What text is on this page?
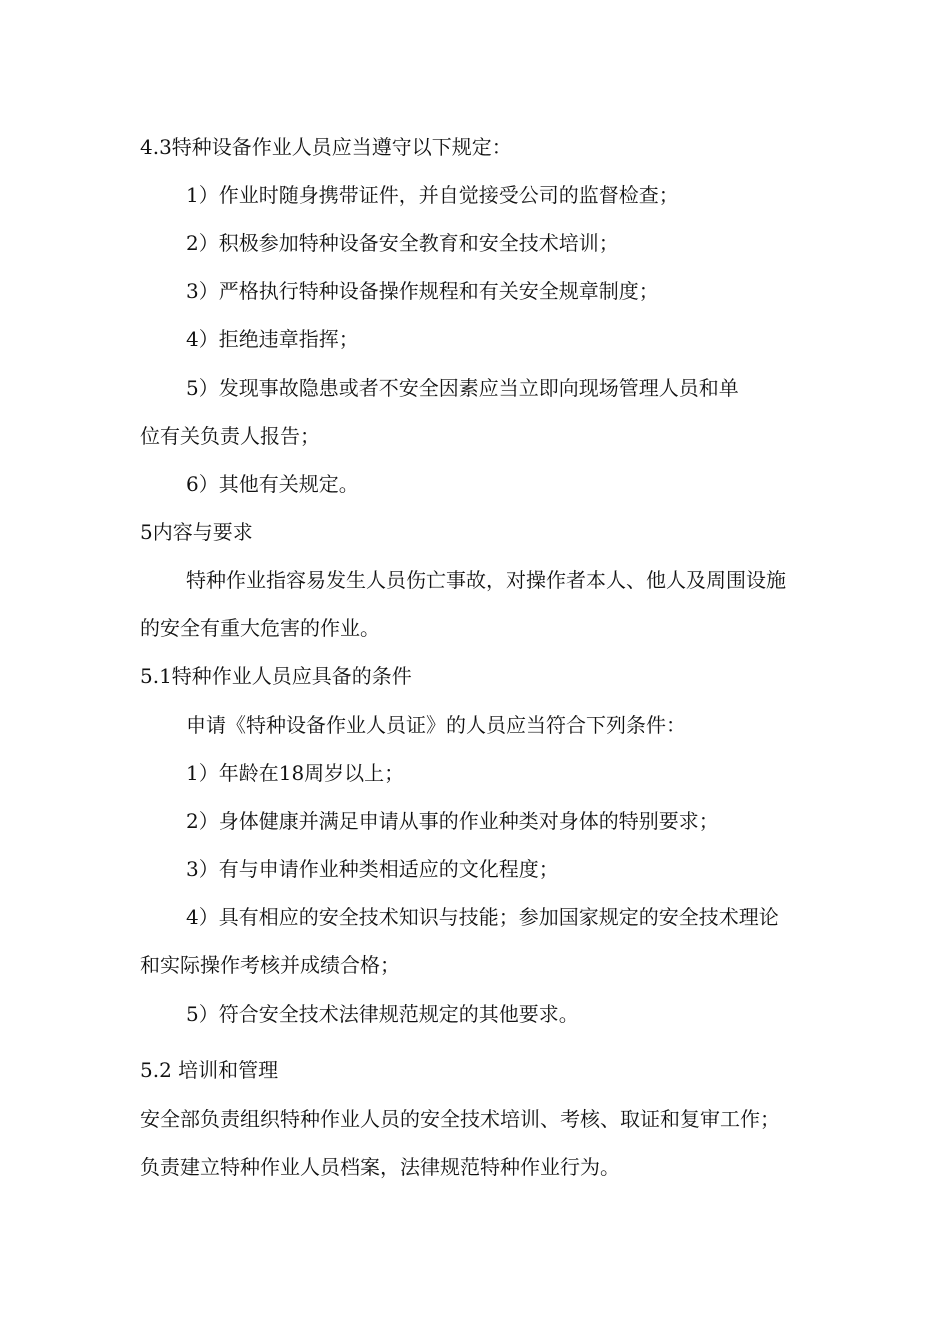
4.3特种设备作业人员应当遵守以下规定：
1）作业时随身携带证件，并自觉接受公司的监督检查；
2）积极参加特种设备安全教育和安全技术培训；
3）严格执行特种设备操作规程和有关安全规章制度；
4）拒绝违章指挥；
5）发现事故隐患或者不安全因素应当立即向现场管理人员和单
位有关负责人报告；
6）其他有关规定。
5内容与要求
特种作业指容易发生人员伤亡事故，对操作者本人、他人及周围设施
的安全有重大危害的作业。
5.1特种作业人员应具备的条件
申请《特种设备作业人员证》的人员应当符合下列条件：
1）年龄在18周岁以上；
2）身体健康并满足申请从事的作业种类对身体的特别要求；
3）有与申请作业种类相适应的文化程度；
4）具有相应的安全技术知识与技能；参加国家规定的安全技术理论
和实际操作考核并成绩合格；
5）符合安全技术法律规范规定的其他要求。
5.2 培训和管理
安全部负责组织特种作业人员的安全技术培训、考核、取证和复审工作；
负责建立特种作业人员档案，法律规范特种作业行为。
